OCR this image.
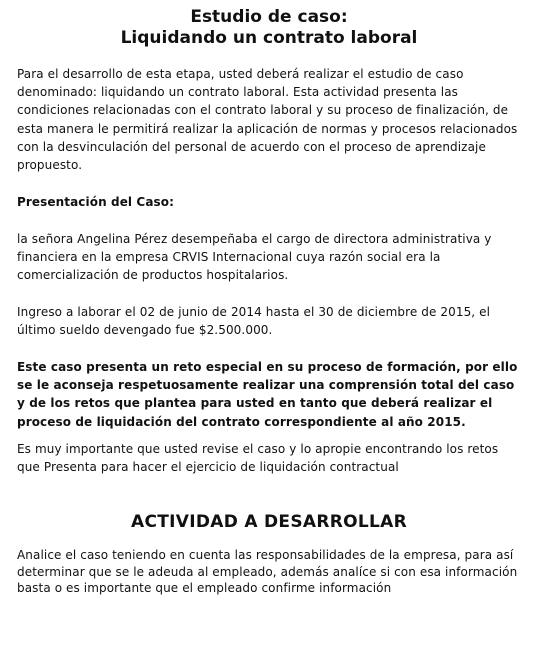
Estudio de caso:
Liquidando un contrato laboral

Para el desarrollo de esta etapa, usted deberá realizar el estudio de caso denominado: liquidando un contrato laboral. Esta actividad presenta las condiciones relacionadas con el contrato laboral y su proceso de finalización, de esta manera le permitirá realizar la aplicación de normas y procesos relacionados con la desvinculación del personal de acuerdo con el proceso de aprendizaje propuesto.

Presentación del Caso:

la señora Angelina Pérez desempeñaba el cargo de directora administrativa y financiera en la empresa CRVIS Internacional cuya razón social era la comercialización de productos hospitalarios.

Ingreso a laborar el 02 de junio de 2014 hasta el 30 de diciembre de 2015, el último sueldo devengado fue $2.500.000.

Este caso presenta un reto especial en su proceso de formación, por ello se le aconseja respetuosamente realizar una comprensión total del caso y de los retos que plantea para usted en tanto que deberá realizar el proceso de liquidación del contrato correspondiente al año 2015.

Es muy importante que usted revise el caso y lo apropie encontrando los retos que Presenta para hacer el ejercicio de liquidación contractual

ACTIVIDAD A DESARROLLAR

Analice el caso teniendo en cuenta las responsabilidades de la empresa, para así determinar que se le adeuda al empleado, además analíce si con esa información basta o es importante que el empleado confirme información
